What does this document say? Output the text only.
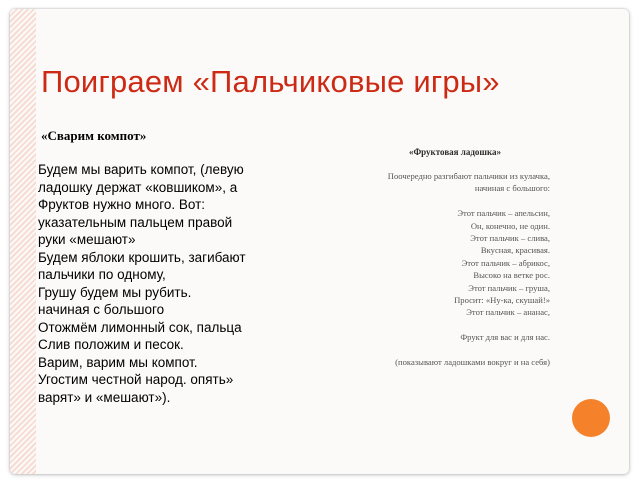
Поиграем «Пальчиковые игры»
«Сварим компот»
Будем мы варить компот, (левую
ладошку держат «ковшиком», а
Фруктов нужно много. Вот:
указательным пальцем правой
руки «мешают»
Будем яблоки крошить, загибают
пальчики по одному,
Грушу будем мы рубить.
начиная с большого
Отожмём лимонный сок, пальца
Слив положим и песок.
Варим, варим мы компот.
Угостим честной народ. опять»
варят» и «мешают»).
«Фруктовая ладошка»
Поочередно разгибают пальчики из кулачка,
начиная с большого:
Этот пальчик – апельсин,
Он, конечно, не один.
Этот пальчик – слива,
Вкусная, красивая.
Этот пальчик – абрикос,
Высоко на ветке рос.
Этот пальчик – груша,
Просит: «Ну-ка, скушай!»
Этот пальчик – ананас,
Фрукт для вас и для нас.
(показывают ладошками вокруг и на себя)
